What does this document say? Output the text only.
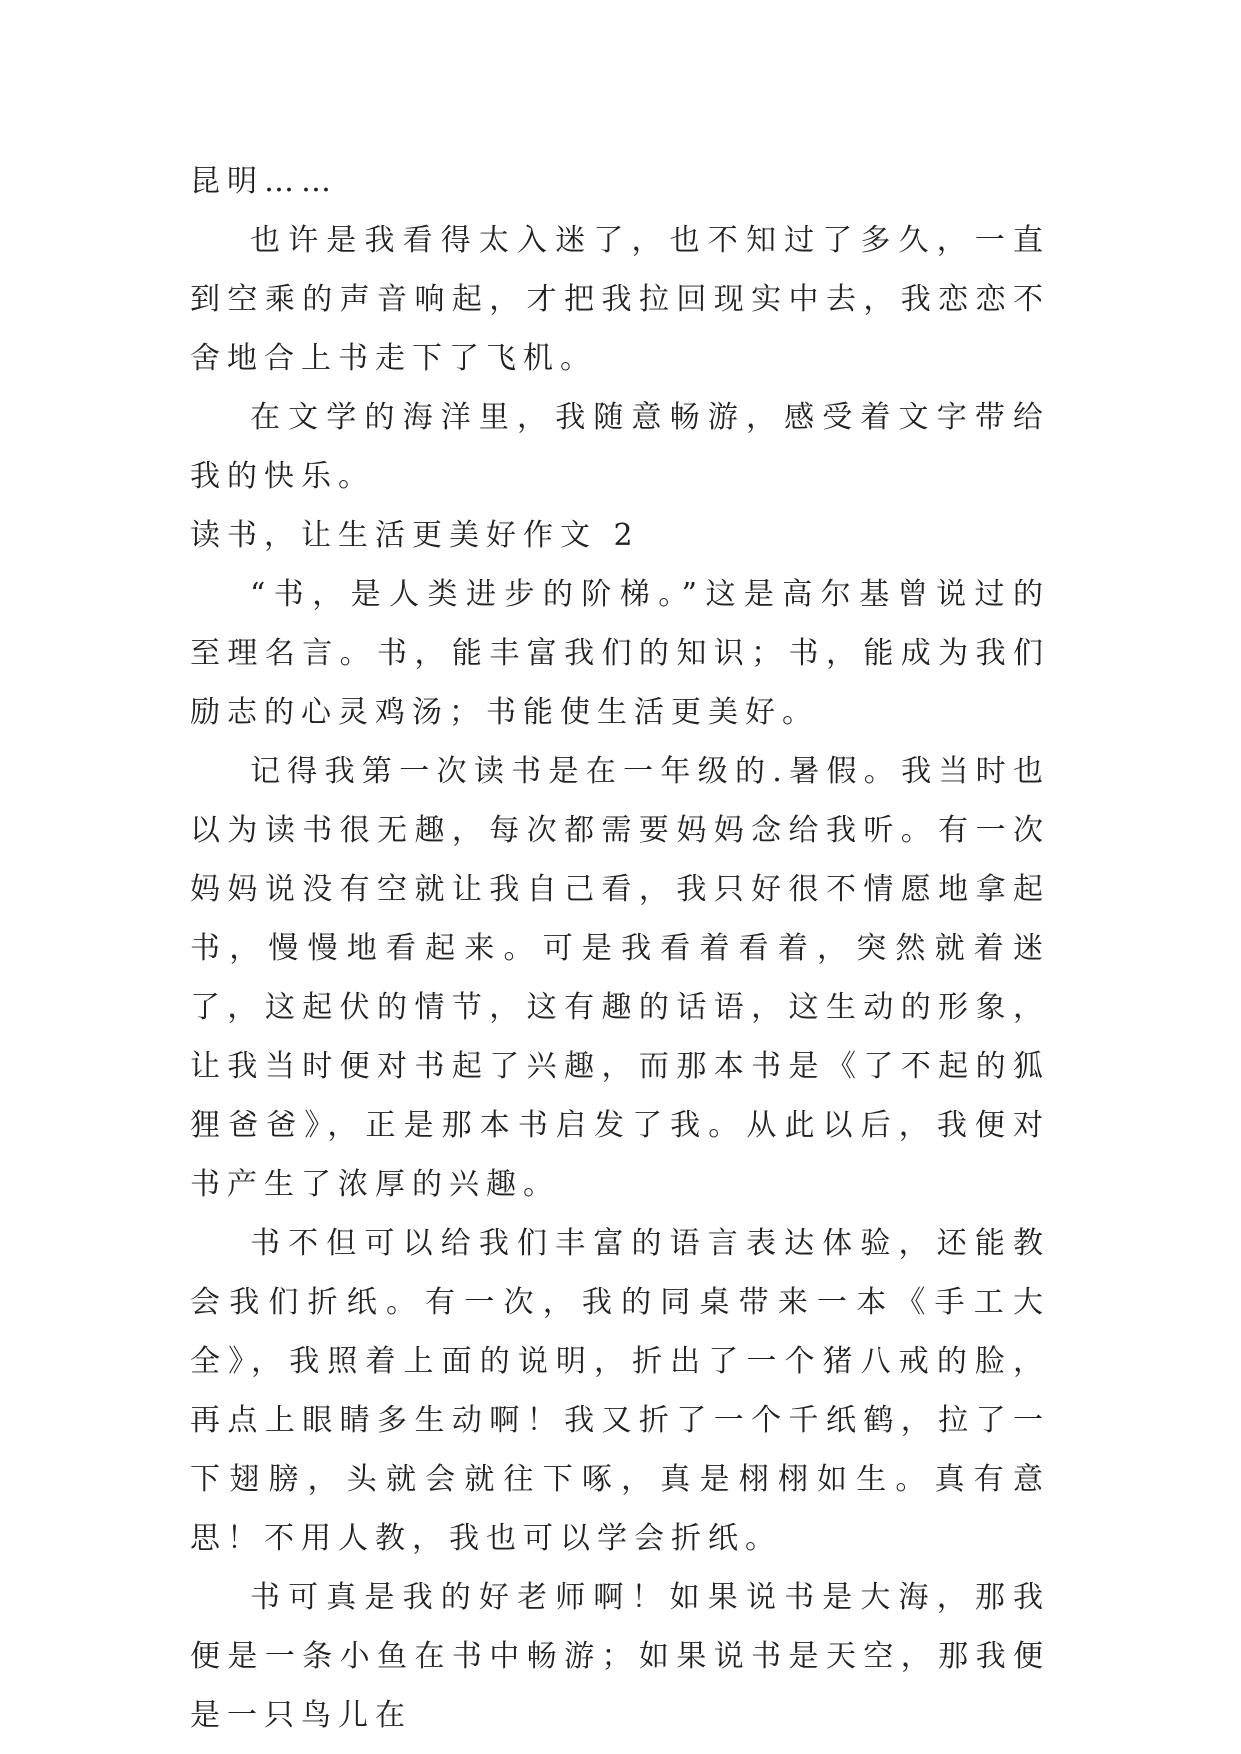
昆明……

也许是我看得太入迷了，也不知过了多久，一直到空乘的声音响起，才把我拉回现实中去，我恋恋不舍地合上书走下了飞机。

在文学的海洋里，我随意畅游，感受着文字带给我的快乐。

读书，让生活更美好作文 2

“书，是人类进步的阶梯。”这是高尔基曾说过的至理名言。书，能丰富我们的知识；书，能成为我们励志的心灵鸡汤；书能使生活更美好。

记得我第一次读书是在一年级的.暑假。我当时也以为读书很无趣，每次都需要妈妈念给我听。有一次妈妈说没有空就让我自己看，我只好很不情愿地拿起书，慢慢地看起来。可是我看着看着，突然就着迷了，这起伏的情节，这有趣的话语，这生动的形象，让我当时便对书起了兴趣，而那本书是《了不起的狐狸爸爸》，正是那本书启发了我。从此以后，我便对书产生了浓厚的兴趣。

书不但可以给我们丰富的语言表达体验，还能教会我们折纸。有一次，我的同桌带来一本《手工大全》，我照着上面的说明，折出了一个猪八戒的脸，再点上眼睛多生动啊！我又折了一个千纸鹤，拉了一下翅膀，头就会就往下啄，真是栩栩如生。真有意思！不用人教，我也可以学会折纸。

书可真是我的好老师啊！如果说书是大海，那我便是一条小鱼在书中畅游；如果说书是天空，那我便是一只鸟儿在
